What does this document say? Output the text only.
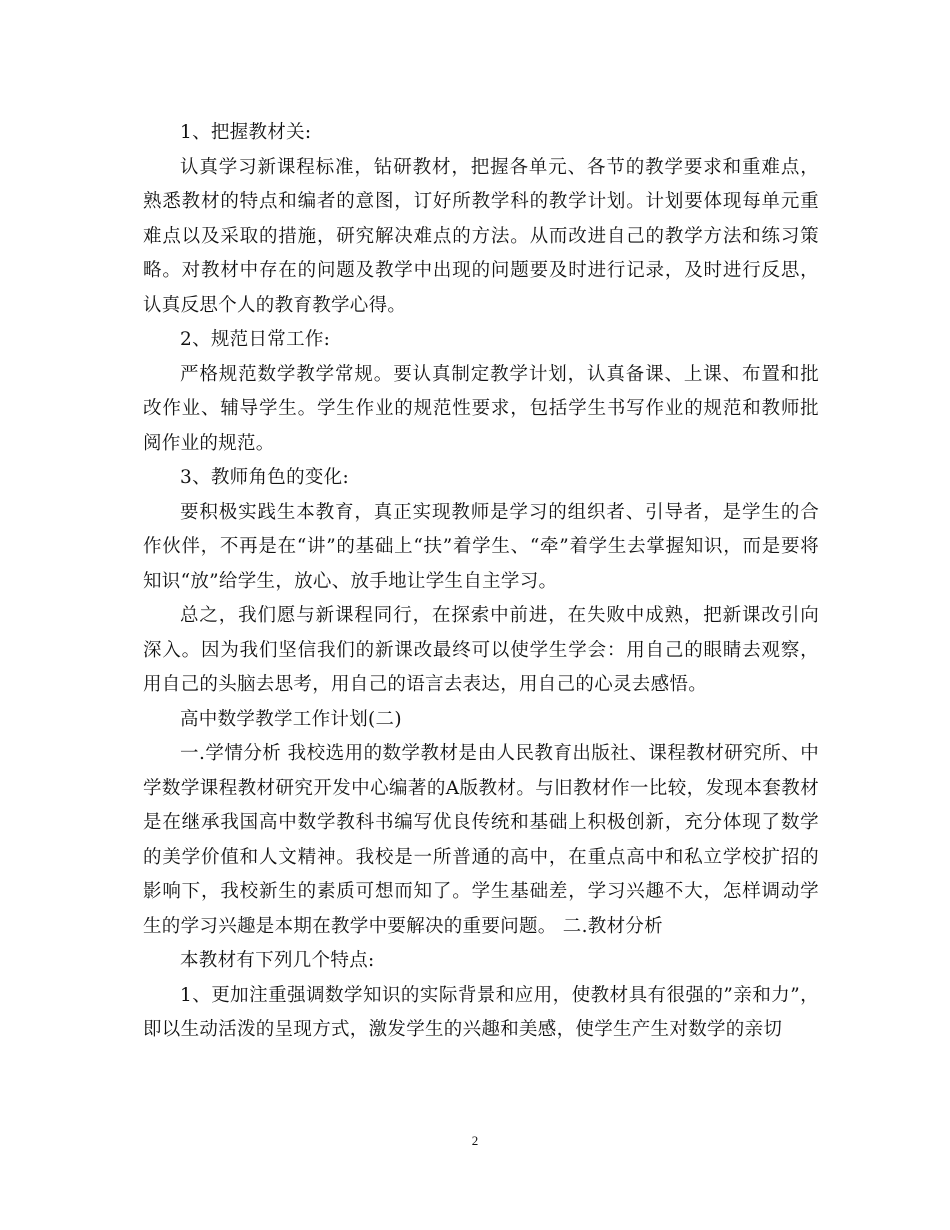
1、把握教材关:

认真学习新课程标准，钻研教材，把握各单元、各节的教学要求和重难点，熟悉教材的特点和编者的意图，订好所教学科的教学计划。计划要体现每单元重难点以及采取的措施，研究解决难点的方法。从而改进自己的教学方法和练习策略。对教材中存在的问题及教学中出现的问题要及时进行记录，及时进行反思，认真反思个人的教育教学心得。

2、规范日常工作:

严格规范数学教学常规。要认真制定教学计划，认真备课、上课、布置和批改作业、辅导学生。学生作业的规范性要求，包括学生书写作业的规范和教师批阅作业的规范。

3、教师角色的变化:

要积极实践生本教育，真正实现教师是学习的组织者、引导者，是学生的合作伙伴，不再是在“讲”的基础上“扶”着学生、“牵”着学生去掌握知识，而是要将知识“放”给学生，放心、放手地让学生自主学习。

总之，我们愿与新课程同行，在探索中前进，在失败中成熟，把新课改引向深入。因为我们坚信我们的新课改最终可以使学生学会：用自己的眼睛去观察，用自己的头脑去思考，用自己的语言去表达，用自己的心灵去感悟。

高中数学教学工作计划(二)

一.学情分析 我校选用的数学教材是由人民教育出版社、课程教材研究所、中学数学课程教材研究开发中心编著的A版教材。与旧教材作一比较，发现本套教材是在继承我国高中数学教科书编写优良传统和基础上积极创新，充分体现了数学的美学价值和人文精神。我校是一所普通的高中，在重点高中和私立学校扩招的影响下，我校新生的素质可想而知了。学生基础差，学习兴趣不大，怎样调动学生的学习兴趣是本期在教学中要解决的重要问题。 二.教材分析

本教材有下列几个特点:

1、更加注重强调数学知识的实际背景和应用，使教材具有很强的”亲和力”，即以生动活泼的呈现方式，激发学生的兴趣和美感，使学生产生对数学的亲切

2
